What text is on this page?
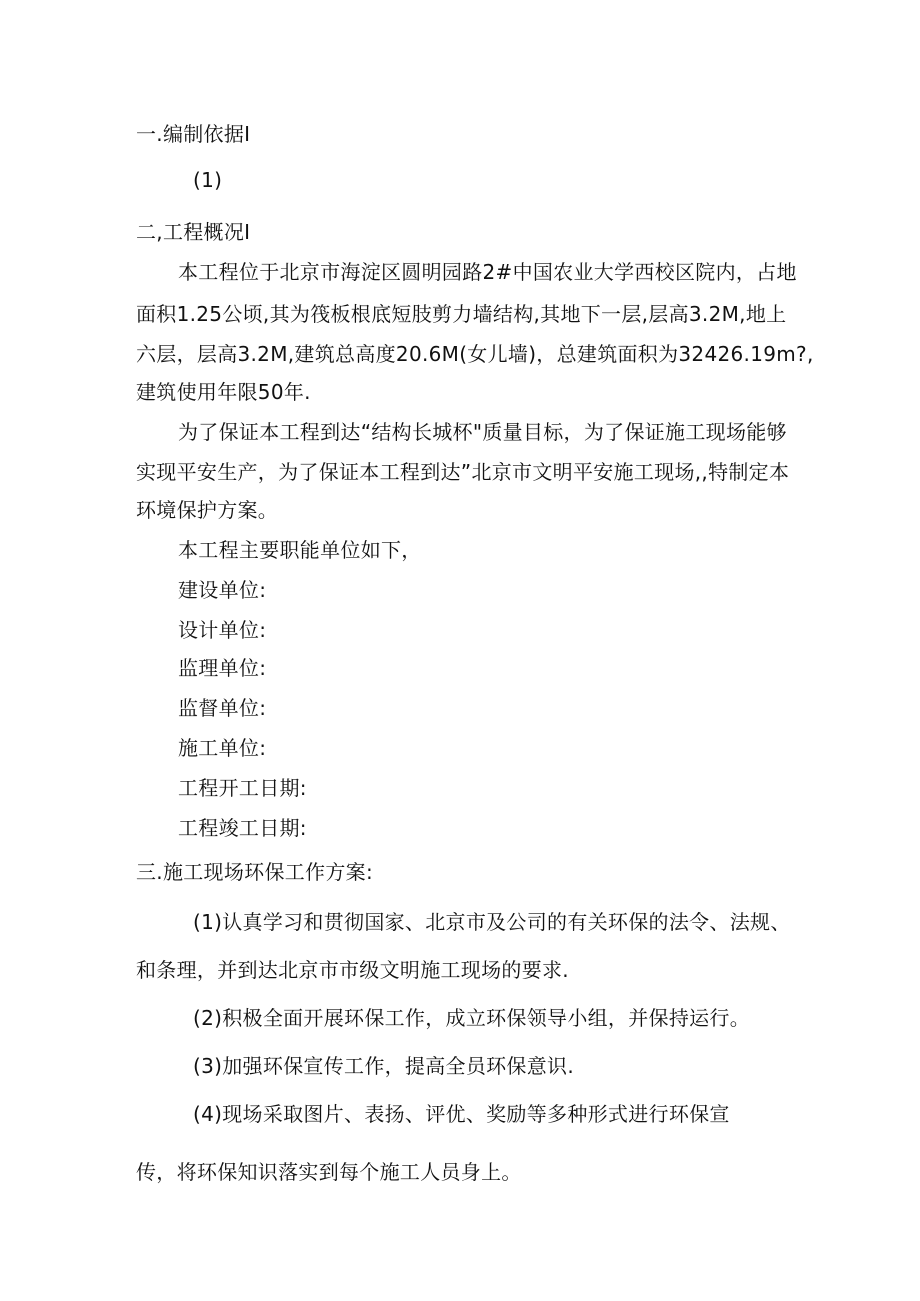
一.编制依据I
(1)
二,工程概况I
本工程位于北京市海淀区圆明园路2#中国农业大学西校区院内，占地
面积1.25公顷,其为筏板根底短肢剪力墙结构,其地下一层,层高3.2M,地上
六层，层高3.2M,建筑总高度20.6M(女儿墙)，总建筑面积为32426.19m?,
建筑使用年限50年.
为了保证本工程到达“结构长城杯"质量目标，为了保证施工现场能够
实现平安生产，为了保证本工程到达”北京市文明平安施工现场,,特制定本
环境保护方案。
本工程主要职能单位如下，
建设单位:
设计单位:
监理单位:
监督单位:
施工单位:
工程开工日期:
工程竣工日期:
三.施工现场环保工作方案:
(1)认真学习和贯彻国家、北京市及公司的有关环保的法令、法规、
和条理，并到达北京市市级文明施工现场的要求.
(2)积极全面开展环保工作，成立环保领导小组，并保持运行。
(3)加强环保宣传工作，提高全员环保意识.
(4)现场采取图片、表扬、评优、奖励等多种形式进行环保宣
传，将环保知识落实到每个施工人员身上。
